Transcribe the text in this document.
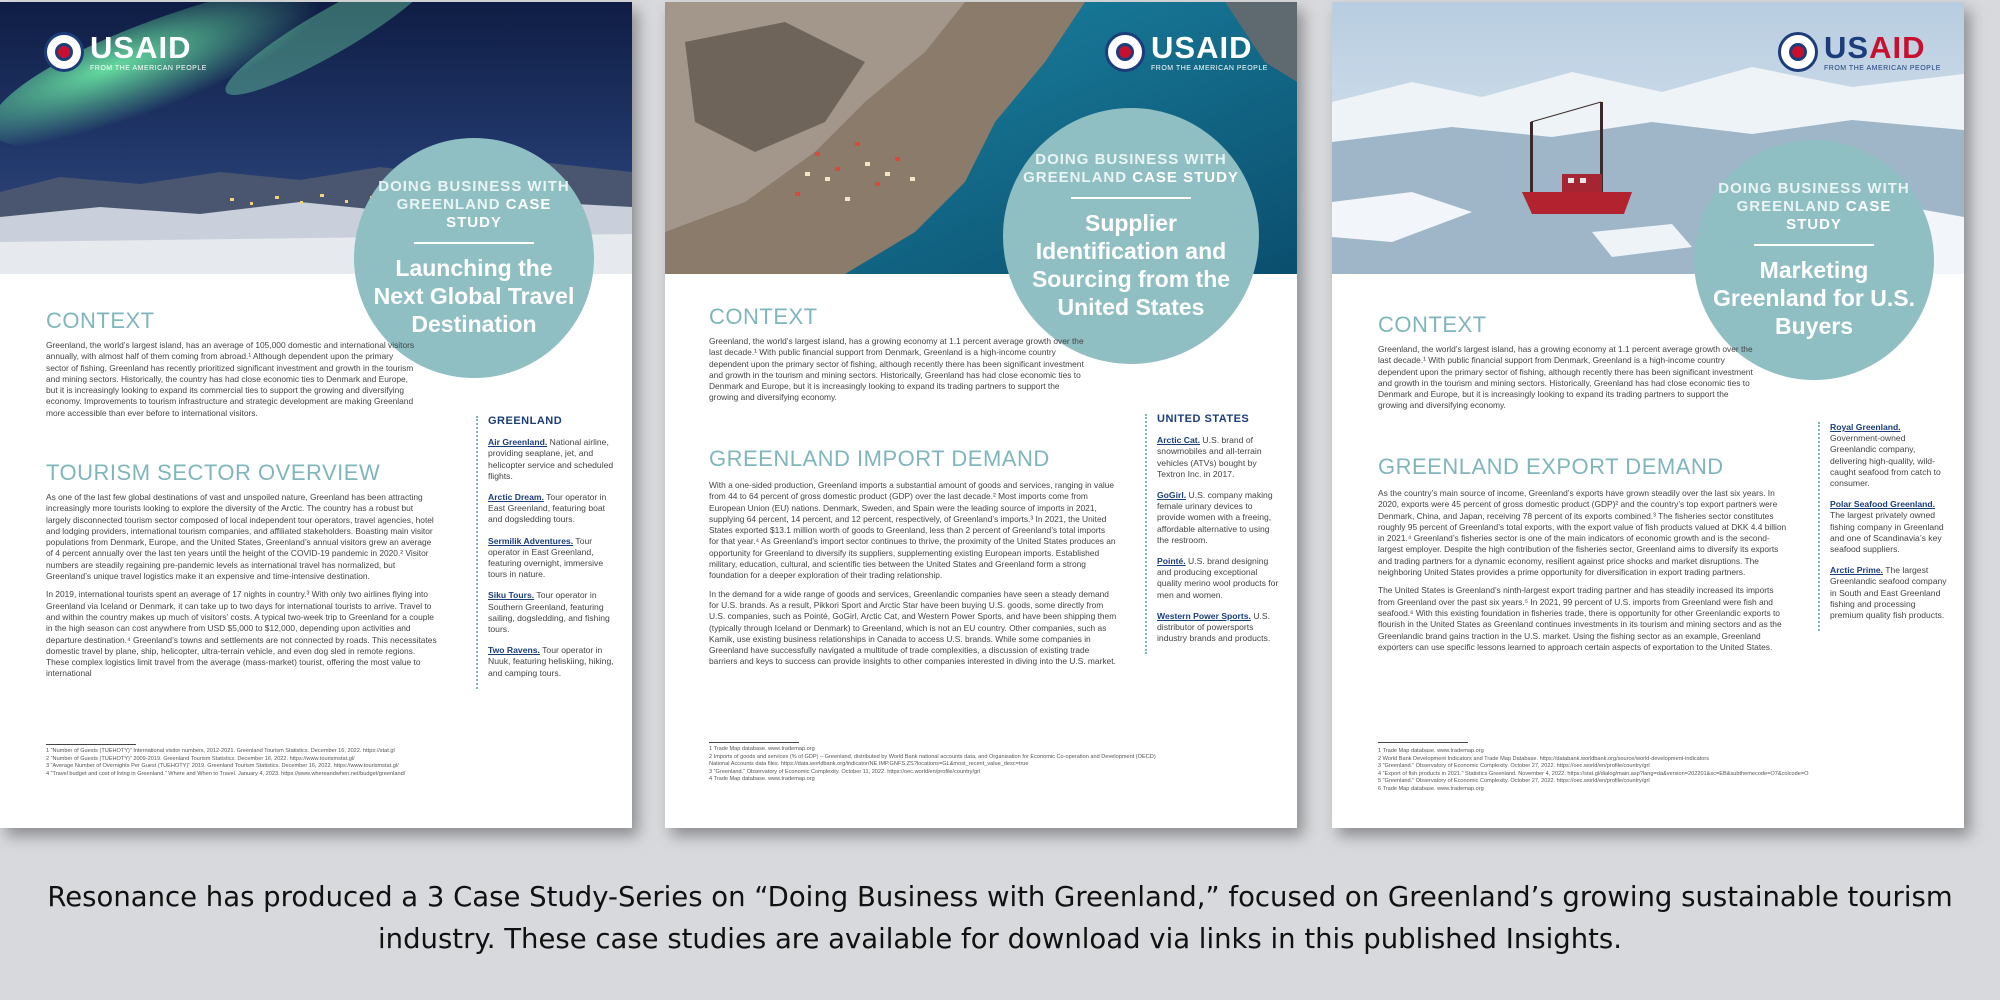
USAID
FROM THE AMERICAN PEOPLE
DOING BUSINESS WITH
GREENLAND CASE STUDY
Launching the Next Global Travel Destination
CONTEXT

Greenland, the world’s largest island, has an average of 105,000 domestic and international visitors annually, with almost half of them coming from abroad.¹ Although dependent upon the primary sector of fishing, Greenland has recently prioritized significant investment and growth in the tourism and mining sectors. Historically, the country has had close economic ties to Denmark and Europe, but it is increasingly looking to expand its commercial ties to support the growing and diversifying economy. Improvements to tourism infrastructure and strategic development are making Greenland more accessible than ever before to international visitors.

TOURISM SECTOR OVERVIEW

As one of the last few global destinations of vast and unspoiled nature, Greenland has been attracting increasingly more tourists looking to explore the diversity of the Arctic. The country has a robust but largely disconnected tourism sector composed of local independent tour operators, travel agencies, hotel and lodging providers, international tourism companies, and affiliated stakeholders. Boasting main visitor populations from Denmark, Europe, and the United States, Greenland’s annual visitors grew an average of 4 percent annually over the last ten years until the height of the COVID-19 pandemic in 2020.² Visitor numbers are steadily regaining pre-pandemic levels as international travel has normalized, but Greenland’s unique travel logistics make it an expensive and time-intensive destination.

In 2019, international tourists spent an average of 17 nights in country.³ With only two airlines flying into Greenland via Iceland or Denmark, it can take up to two days for international tourists to arrive. Travel to and within the country makes up much of visitors’ costs. A typical two-week trip to Greenland for a couple in the high season can cost anywhere from USD $5,000 to $12,000, depending upon activities and departure destination.⁴ Greenland’s towns and settlements are not connected by roads. This necessitates domestic travel by plane, ship, helicopter, ultra-terrain vehicle, and even dog sled in remote regions. These complex logistics limit travel from the average (mass-market) tourist, offering the most value to international

GREENLAND
Air Greenland. National airline, providing seaplane, jet, and helicopter service and scheduled flights.
Arctic Dream. Tour operator in East Greenland, featuring boat and dogsledding tours.
Sermilik Adventures. Tour operator in East Greenland, featuring overnight, immersive tours in nature.
Siku Tours. Tour operator in Southern Greenland, featuring sailing, dogsledding, and fishing tours.
Two Ravens. Tour operator in Nuuk, featuring heliskiing, hiking, and camping tours.
1 “Number of Guests (TUEHOTY)” International visitor numbers, 2012-2021. Greenland Tourism Statistics. December 16, 2022. https://stat.gl
2 “Number of Guests (TUEHOTY)” 2009-2019. Greenland Tourism Statistics. December 16, 2022. https://www.tourismstat.gl/
3 “Average Number of Overnights Per Guest (TUEHOTY)” 2019. Greenland Tourism Statistics. December 16, 2022. https://www.tourismstat.gl/
4 “Travel budget and cost of living in Greenland.” Where and When to Travel. January 4, 2023. https://www.whereandwhen.net/budget/greenland/
USAID
FROM THE AMERICAN PEOPLE
DOING BUSINESS WITH
GREENLAND CASE STUDY
Supplier Identification and Sourcing from the United States
CONTEXT

Greenland, the world’s largest island, has a growing economy at 1.1 percent average growth over the last decade.¹ With public financial support from Denmark, Greenland is a high-income country dependent upon the primary sector of fishing, although recently there has been significant investment and growth in the tourism and mining sectors. Historically, Greenland has had close economic ties to Denmark and Europe, but it is increasingly looking to expand its trading partners to support the growing and diversifying economy.

GREENLAND IMPORT DEMAND

With a one-sided production, Greenland imports a substantial amount of goods and services, ranging in value from 44 to 64 percent of gross domestic product (GDP) over the last decade.² Most imports come from European Union (EU) nations. Denmark, Sweden, and Spain were the leading source of imports in 2021, supplying 64 percent, 14 percent, and 12 percent, respectively, of Greenland’s imports.³ In 2021, the United States exported $13.1 million worth of goods to Greenland, less than 2 percent of Greenland’s total imports for that year.⁴ As Greenland’s import sector continues to thrive, the proximity of the United States produces an opportunity for Greenland to diversify its suppliers, supplementing existing European imports. Established military, education, cultural, and scientific ties between the United States and Greenland form a strong foundation for a deeper exploration of their trading relationship.

In the demand for a wide range of goods and services, Greenlandic companies have seen a steady demand for U.S. brands. As a result, Pikkori Sport and Arctic Star have been buying U.S. goods, some directly from U.S. companies, such as Pointé, GoGirl, Arctic Cat, and Western Power Sports, and have been shipping them (typically through Iceland or Denmark) to Greenland, which is not an EU country. Other companies, such as Kamik, use existing business relationships in Canada to access U.S. brands. While some companies in Greenland have successfully navigated a multitude of trade complexities, a discussion of existing trade barriers and keys to success can provide insights to other companies interested in diving into the U.S. market.

UNITED STATES
Arctic Cat. U.S. brand of snowmobiles and all-terrain vehicles (ATVs) bought by Textron Inc. in 2017.
GoGirl. U.S. company making female urinary devices to provide women with a freeing, affordable alternative to using the restroom.
Pointé. U.S. brand designing and producing exceptional quality merino wool products for men and women.
Western Power Sports. U.S. distributor of powersports industry brands and products.
1 Trade Map database. www.trademap.org
2 Imports of goods and services (% of GDP) – Greenland, distributed by World Bank national accounts data, and Organisation for Economic Co-operation and Development (OECD)
National Accounts data files. https://data.worldbank.org/indicator/NE.IMP.GNFS.ZS?locations=GL&most_recent_value_desc=true
3 “Greenland.” Observatory of Economic Complexity. October 11, 2022. https://oec.world/en/profile/country/grl
4 Trade Map database. www.trademap.org
USAID
FROM THE AMERICAN PEOPLE
DOING BUSINESS WITH
GREENLAND CASE STUDY
Marketing Greenland for U.S. Buyers
CONTEXT

Greenland, the world’s largest island, has a growing economy at 1.1 percent average growth over the last decade.¹ With public financial support from Denmark, Greenland is a high-income country dependent upon the primary sector of fishing, although recently there has been significant investment and growth in the tourism and mining sectors. Historically, Greenland has had close economic ties to Denmark and Europe, but it is increasingly looking to expand its trading partners to support the growing and diversifying economy.

GREENLAND EXPORT DEMAND

As the country’s main source of income, Greenland’s exports have grown steadily over the last six years. In 2020, exports were 45 percent of gross domestic product (GDP)² and the country’s top export partners were Denmark, China, and Japan, receiving 78 percent of its exports combined.³ The fisheries sector constitutes roughly 95 percent of Greenland’s total exports, with the export value of fish products valued at DKK 4.4 billion in 2021.⁴ Greenland’s fisheries sector is one of the main indicators of economic growth and is the second-largest employer. Despite the high contribution of the fisheries sector, Greenland aims to diversify its exports and trading partners for a dynamic economy, resilient against price shocks and market disruptions. The neighboring United States provides a prime opportunity for diversification in export trading partners.

The United States is Greenland’s ninth-largest export trading partner and has steadily increased its imports from Greenland over the past six years.⁵ In 2021, 99 percent of U.S. imports from Greenland were fish and seafood.⁶ With this existing foundation in fisheries trade, there is opportunity for other Greenlandic exports to flourish in the United States as Greenland continues investments in its tourism and mining sectors and as the Greenlandic brand gains traction in the U.S. market. Using the fishing sector as an example, Greenland exporters can use specific lessons learned to approach certain aspects of exportation to the United States.

Royal Greenland. Government-owned Greenlandic company, delivering high-quality, wild-caught seafood from catch to consumer.
Polar Seafood Greenland. The largest privately owned fishing company in Greenland and one of Scandinavia’s key seafood suppliers.
Arctic Prime. The largest Greenlandic seafood company in South and East Greenland fishing and processing premium quality fish products.
1 Trade Map database. www.trademap.org
2 World Bank Development Indicators and Trade Map Database. https://databank.worldbank.org/source/world-development-indicators
3 “Greenland.” Observatory of Economic Complexity. October 27, 2022. https://oec.world/en/profile/country/grl
4 “Export of fish products in 2021.” Statistics Greenland. November 4, 2022. https://stat.gl/dialog/main.asp?lang=da&version=202201&sc=EB&subthemecode=O7&colcode=O
5 “Greenland.” Observatory of Economic Complexity. October 27, 2022. https://oec.world/en/profile/country/grl
6 Trade Map database. www.trademap.org
Resonance has produced a 3 Case Study-Series on “Doing Business with Greenland,” focused on Greenland’s growing sustainable tourism industry. These case studies are available for download via links in this published Insights.
